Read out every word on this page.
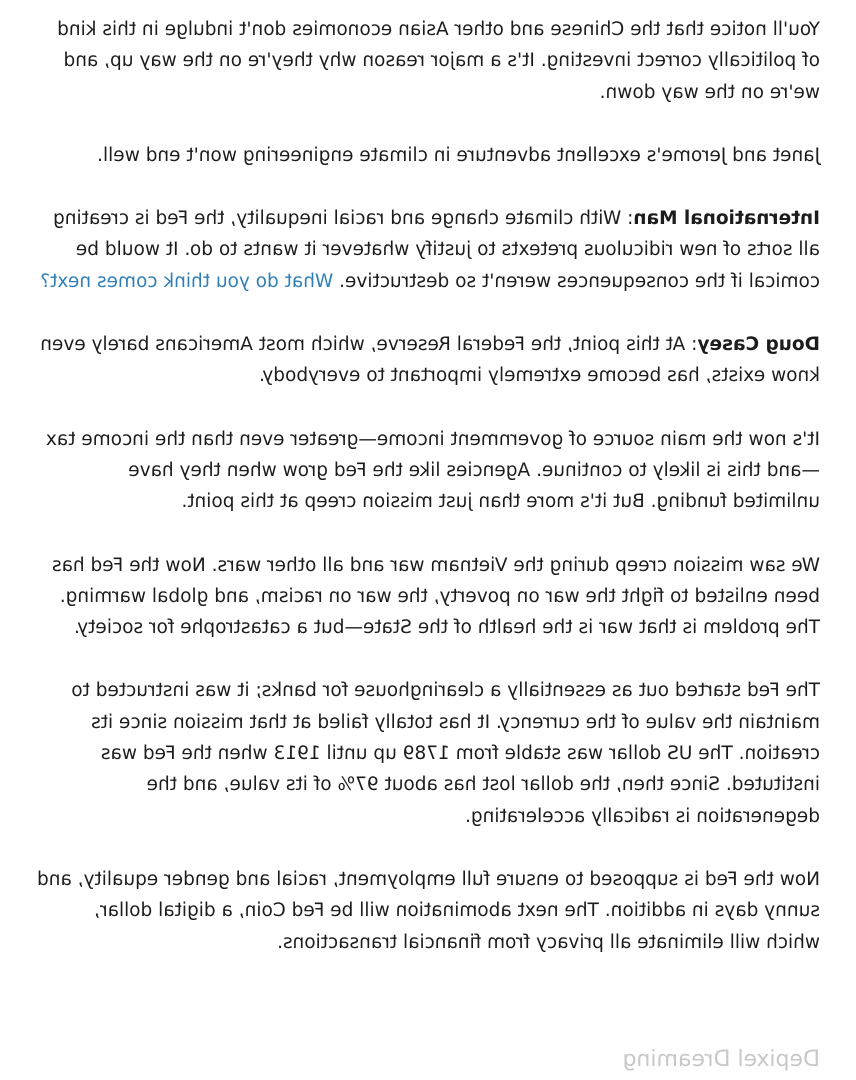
You'll notice that the Chinese and other Asian economies don't indulge in this kind of politically correct investing. It's a major reason why they're on the way up, and we're on the way down.

Janet and Jerome's excellent adventure in climate engineering won't end well.

International Man: With climate change and racial inequality, the Fed is creating all sorts of new ridiculous pretexts to justify whatever it wants to do. It would be comical if the consequences weren't so destructive. What do you think comes next?

Doug Casey: At this point, the Federal Reserve, which most Americans barely even know exists, has become extremely important to everybody.

It's now the main source of government income—greater even than the income tax—and this is likely to continue. Agencies like the Fed grow when they have unlimited funding. But it's more than just mission creep at this point.

We saw mission creep during the Vietnam war and all other wars. Now the Fed has been enlisted to fight the war on poverty, the war on racism, and global warming. The problem is that war is the health of the State—but a catastrophe for society.

The Fed started out as essentially a clearinghouse for banks; it was instructed to maintain the value of the currency. It has totally failed at that mission since its creation. The US dollar was stable from 1789 up until 1913 when the Fed was instituted. Since then, the dollar lost has about 97% of its value, and the degeneration is radically accelerating.

Now the Fed is supposed to ensure full employment, racial and gender equality, and sunny days in addition. The next abomination will be Fed Coin, a digital dollar, which will eliminate all privacy from financial transactions.

Depixel Dreaming
